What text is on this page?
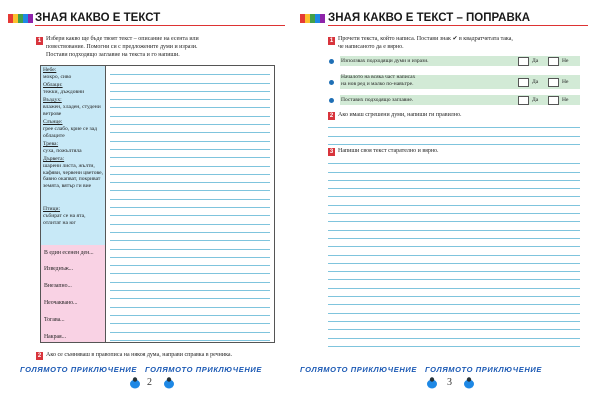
ЗНАЯ КАКВО Е ТЕКСТ
1 Избери какво ще бъде твоят текст – описание на есента или
повествование. Помогни си с предложените думи и изрази.
Постави подходящо заглавие на текста и го напиши.
Небе:
мокро, сиво
Облаци:
тежки, дъждовни
Въздух:
влажен, хладен, студени ветрове
Слънце:
грее слабо, крие се зад облаците
Трева:
суха, пожълтяла
Дървета:
шарени листа, жълти, кафяви, червени цветове, бавно окапват, покриват земята, вятър ги вие
Птици:
събират се на ята, отлитат на юг
В един есенен ден...
Изведнъж...
Внезапно...
Неочаквано...
Тогава...
Накрая...
2 Ако се съмняваш в правописа на някоя дума, направи справка в речника.
ГОЛЯМОТО ПРИКЛЮЧЕНИЕ
ГОЛЯМОТО ПРИКЛЮЧЕНИЕ
2
ЗНАЯ КАКВО Е ТЕКСТ – ПОПРАВКА
1 Прочети текста, който написа. Постави знак ✔ в квадратчетата така,
че написаното да е вярно.
Използвах подходящи думи и изрази.	Да	Не
Началото на всяка част написах
на нов ред и малко по-навътре.	Да	Не
Поставих подходящо заглавие.	Да	Не
2 Ако имаш сгрешени думи, напиши ги правилно.
3 Напиши своя текст старателно и вярно.
ГОЛЯМОТО ПРИКЛЮЧЕНИЕ
ГОЛЯМОТО ПРИКЛЮЧЕНИЕ
3
